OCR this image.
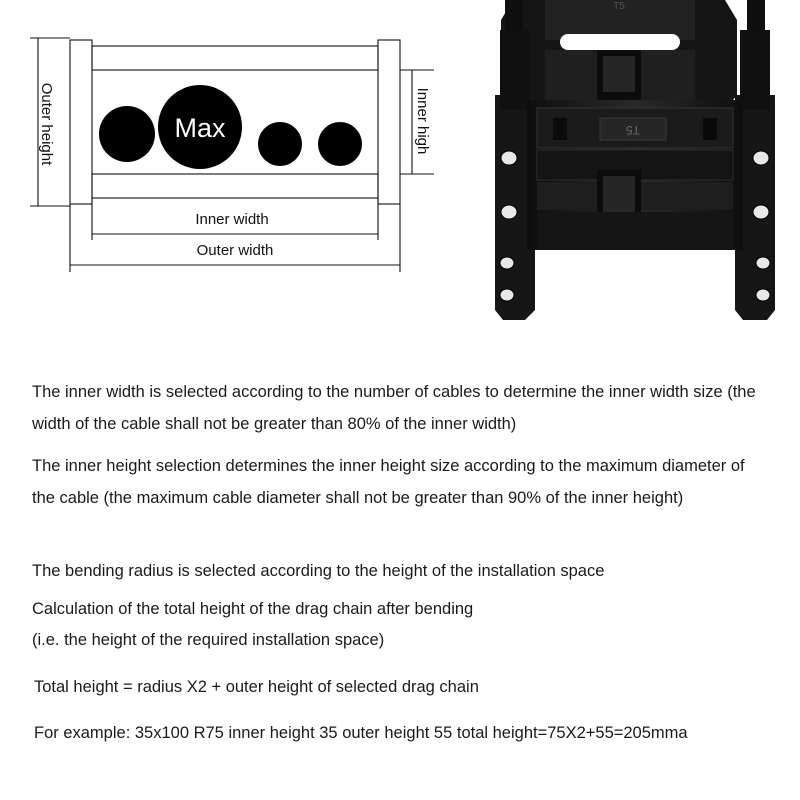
Max
Outer height	Inner high
Inner width
Outer width
T5
T5

The inner width is selected according to the number of cables to determine the inner width size (the width of the cable shall not be greater than 80% of the inner width)

The inner height selection determines the inner height size according to the maximum diameter of the cable (the maximum cable diameter shall not be greater than 90% of the inner height)

The bending radius is selected according to the height of the installation space

Calculation of the total height of the drag chain after bending

(i.e. the height of the required installation space)

Total height = radius X2 + outer height of selected drag chain

For example: 35x100 R75 inner height 35 outer height 55 total height=75X2+55=205mma
